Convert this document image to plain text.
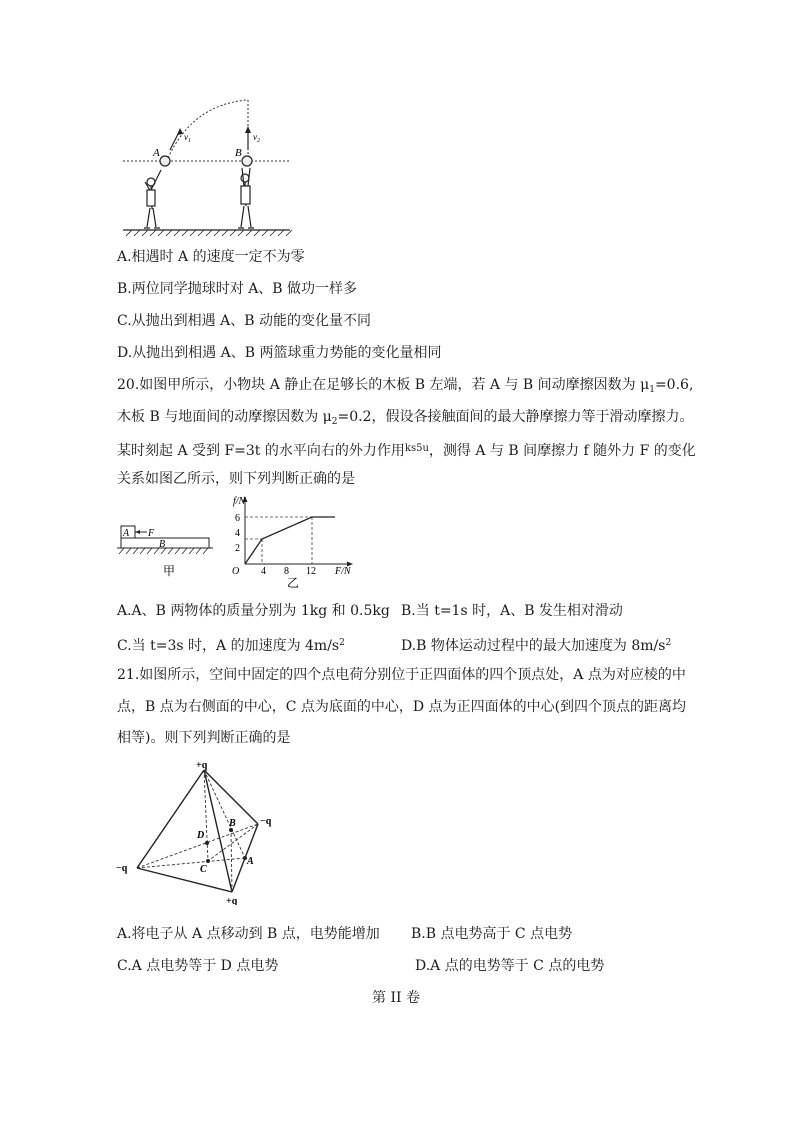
A	B
$v_1$	$v_2$
A.相遇时 A 的速度一定不为零
B.两位同学抛球时对 A、B 做功一样多
C.从抛出到相遇 A、B 动能的变化量不同
D.从抛出到相遇 A、B 两篮球重力势能的变化量相同
20.如图甲所示，小物块 A 静止在足够长的木板 B 左端，若 A 与 B 间动摩擦因数为 $\mu_1=0.6$,
木板 B 与地面间的动摩擦因数为 $\mu_2=0.2$，假设各接触面间的最大静摩擦力等于滑动摩擦力。
某时刻起 A 受到 F=3t 的水平向右的外力作用$^{ks5u}$，测得 A 与 B 间摩擦力 f 随外力 F 的变化
关系如图乙所示，则下列判断正确的是
A F
B
甲
f/N
F/N
O
6
4
2
4 8 12
乙
A.A、B 两物体的质量分别为 1kg 和 0.5kg B.当 t=1s 时，A、B 发生相对滑动
C.当 t=3s 时，A 的加速度为 $4m/s^2$	D.B 物体运动过程中的最大加速度为 $8m/s^2$
21.如图所示，空间中固定的四个点电荷分别位于正四面体的四个顶点处，A 点为对应棱的中
点，B 点为右侧面的中心，C 点为底面的中心，D 点为正四面体的中心(到四个顶点的距离均
相等)。则下列判断正确的是
+q
−q
−q
+q
A
B
C
D
A.将电子从 A 点移动到 B 点，电势能增加 B.B 点电势高于 C 点电势
C.A 点电势等于 D 点电势	D.A 点的电势等于 C 点的电势
第 II 卷
